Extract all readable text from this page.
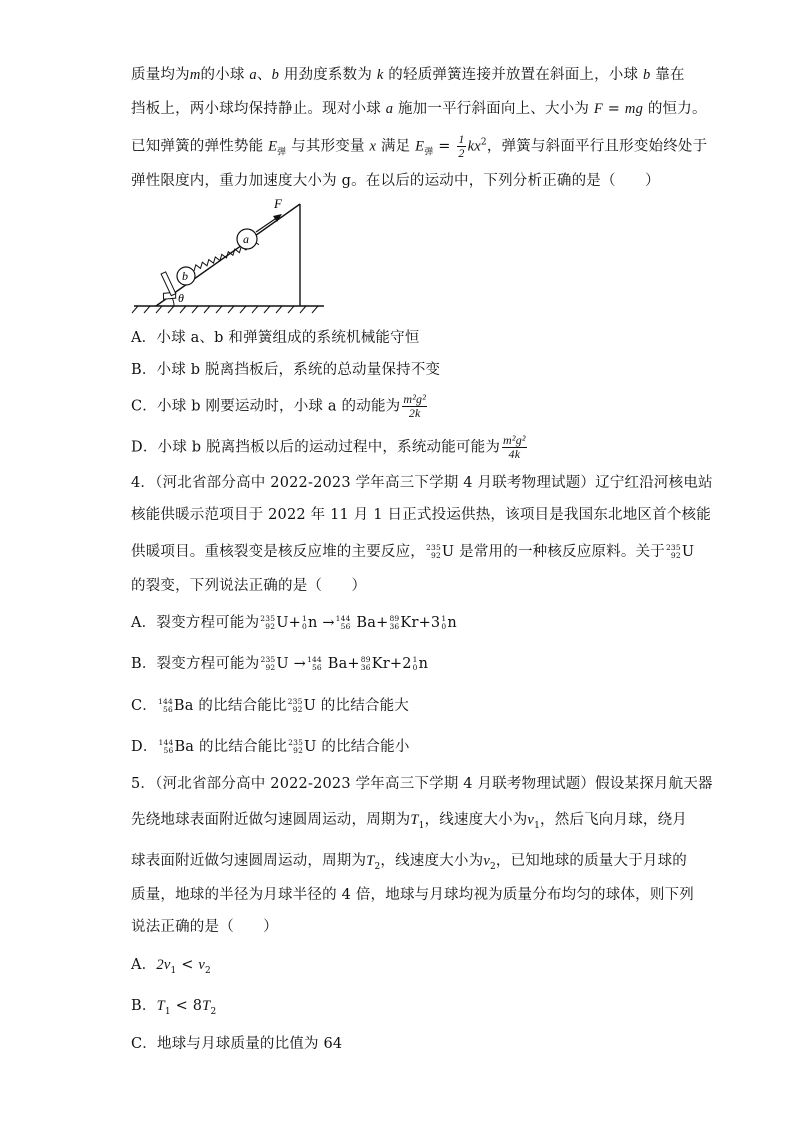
质量均为m的小球 a、b 用劲度系数为 k 的轻质弹簧连接并放置在斜面上，小球 b 靠在
挡板上，两小球均保持静止。现对小球 a 施加一平行斜面向上、大小为 F = mg 的恒力。
已知弹簧的弹性势能 $E_弹$ 与其形变量 x 满足 $E_弹 = \frac{1}{2} kx^2$，弹簧与斜面平行且形变始终处于
弹性限度内，重力加速度大小为 g。在以后的运动中，下列分析正确的是（　　）
θ
b
a
F
A．小球 a、b 和弹簧组成的系统机械能守恒
B．小球 b 脱离挡板后，系统的总动量保持不变
C．小球 b 刚要运动时，小球 a 的动能为 $\frac{\text{m²g²}}{2k}$
D．小球 b 脱离挡板以后的运动过程中，系统动能可能为 $\frac{\text{m²g²}}{4k}$
4．（河北省部分高中 2022-2023 学年高三下学期 4 月联考物理试题）辽宁红沿河核电站
核能供暖示范项目于 2022 年 11 月 1 日正式投运供热，该项目是我国东北地区首个核能
供暖项目。重核裂变是核反应堆的主要反应， 235
92 U 是常用的一种核反应原料。关于 235
92 U
的裂变，下列说法正确的是（　　）
A．裂变方程可能为 235
92 U+ 1
0 n → 144
56 Ba+ 89
36 Kr+3 1
0 n
B．裂变方程可能为 235
92 U → 144
56 Ba+ 89
36 Kr+2 1
0 n
C． 144
56 Ba 的比结合能比 235
92 U 的比结合能大
D． 144
56 Ba 的比结合能比 235
92 U 的比结合能小
5．（河北省部分高中 2022-2023 学年高三下学期 4 月联考物理试题）假设某探月航天器
先绕地球表面附近做匀速圆周运动，周期为$T_1$，线速度大小为$v_1$，然后飞向月球，绕月
球表面附近做匀速圆周运动，周期为$T_2$，线速度大小为$v_2$，已知地球的质量大于月球的
质量，地球的半径为月球半径的 4 倍，地球与月球均视为质量分布均匀的球体，则下列
说法正确的是（　　）
A．$2v_1 < v_2$
B．$T_1 < 8T_2$
C．地球与月球质量的比值为 64
